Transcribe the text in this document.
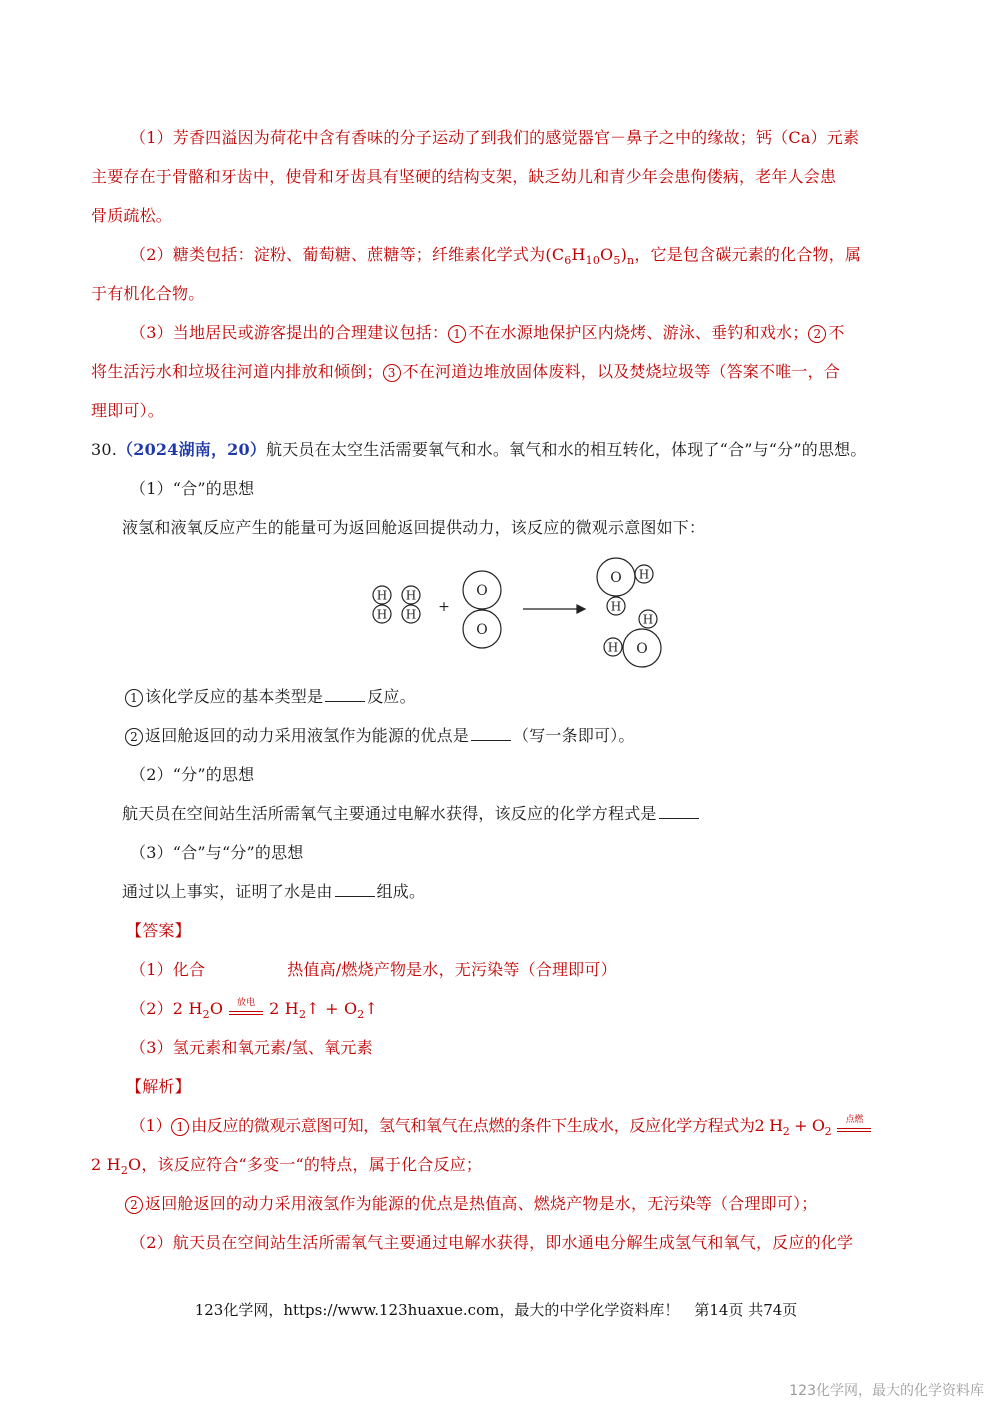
（1）芳香四溢因为荷花中含有香味的分子运动了到我们的感觉器官－鼻子之中的缘故；钙（Ca）元素
主要存在于骨骼和牙齿中，使骨和牙齿具有坚硬的结构支架，缺乏幼儿和青少年会患佝偻病，老年人会患
骨质疏松。
（2）糖类包括：淀粉、葡萄糖、蔗糖等；纤维素化学式为$(C_6H_{10}O_5)_n$，它是包含碳元素的化合物，属
于有机化合物。
（3）当地居民或游客提出的合理建议包括： 1 不在水源地保护区内烧烤、游泳、垂钓和戏水； 2 不
将生活污水和垃圾往河道内排放和倾倒； 3 不在河道边堆放固体废料，以及焚烧垃圾等（答案不唯一，合
理即可）。
30.（2024湖南，20）航天员在太空生活需要氧气和水。氧气和水的相互转化，体现了“合”与“分”的思想。
（1）“合”的思想
液氢和液氧反应产生的能量可为返回舱返回提供动力，该反应的微观示意图如下：
H
H
H
H +
O
O
O
O
H
H
H
H
1 该化学反应的基本类型是	反应。
2 返回舱返回的动力采用液氢作为能源的优点是	（写一条即可）。
（2）“分”的思想
航天员在空间站生活所需氧气主要通过电解水获得，该反应的化学方程式是
（3）“合”与“分”的思想
通过以上事实，证明了水是由	组成。
【答案】
（1）化合	热值高/燃烧产物是水，无污染等（合理即可）
（2）2 $H_2O$	放电 2 $H_2↑$ + $O_2↑$
（3）氢元素和氧元素/氢、氧元素
【解析】
（1） 1 由反应的微观示意图可知，氢气和氧气在点燃的条件下生成水，反应化学方程式为2 $H_2 + O_2$
点燃
2 $H_2O$，该反应符合“多变一“的特点，属于化合反应；
2 返回舱返回的动力采用液氢作为能源的优点是热值高、燃烧产物是水，无污染等（合理即可）；
（2）航天员在空间站生活所需氧气主要通过电解水获得，即水通电分解生成氢气和氧气，反应的化学
123化学网，https://www.123huaxue.com，最大的中学化学资料库！　第14页 共74页
123化学网，最大的化学资料库
